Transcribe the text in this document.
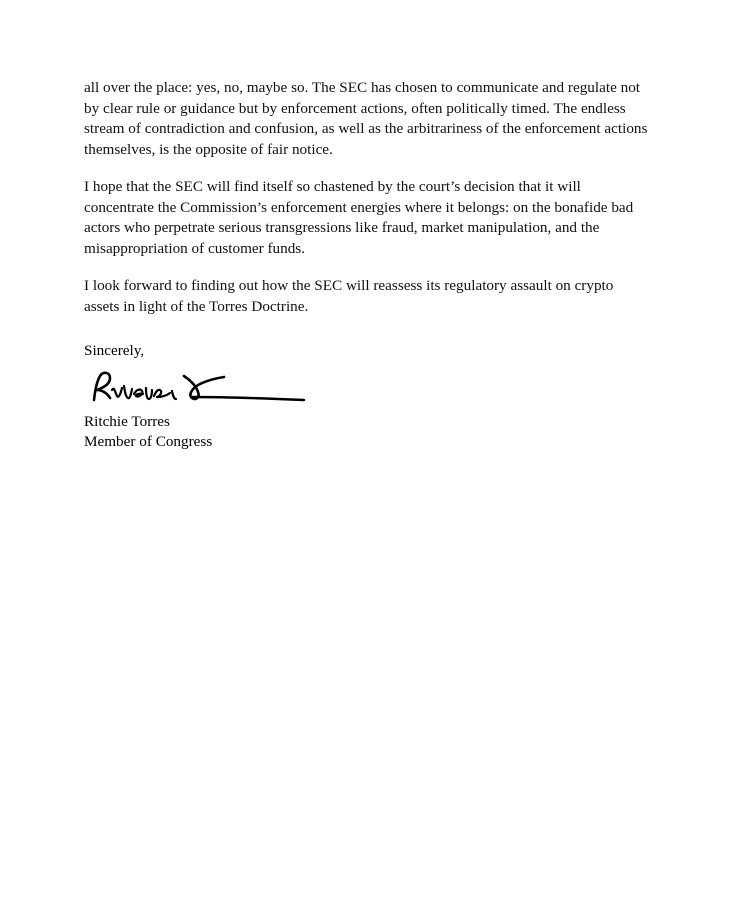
all over the place: yes, no, maybe so. The SEC has chosen to communicate and regulate not by clear rule or guidance but by enforcement actions, often politically timed. The endless stream of contradiction and confusion, as well as the arbitrariness of the enforcement actions themselves, is the opposite of fair notice.

I hope that the SEC will find itself so chastened by the court’s decision that it will concentrate the Commission’s enforcement energies where it belongs: on the bonafide bad actors who perpetrate serious transgressions like fraud, market manipulation, and the misappropriation of customer funds.

I look forward to finding out how the SEC will reassess its regulatory assault on crypto assets in light of the Torres Doctrine.

Sincerely,

Ritchie Torres

Member of Congress
